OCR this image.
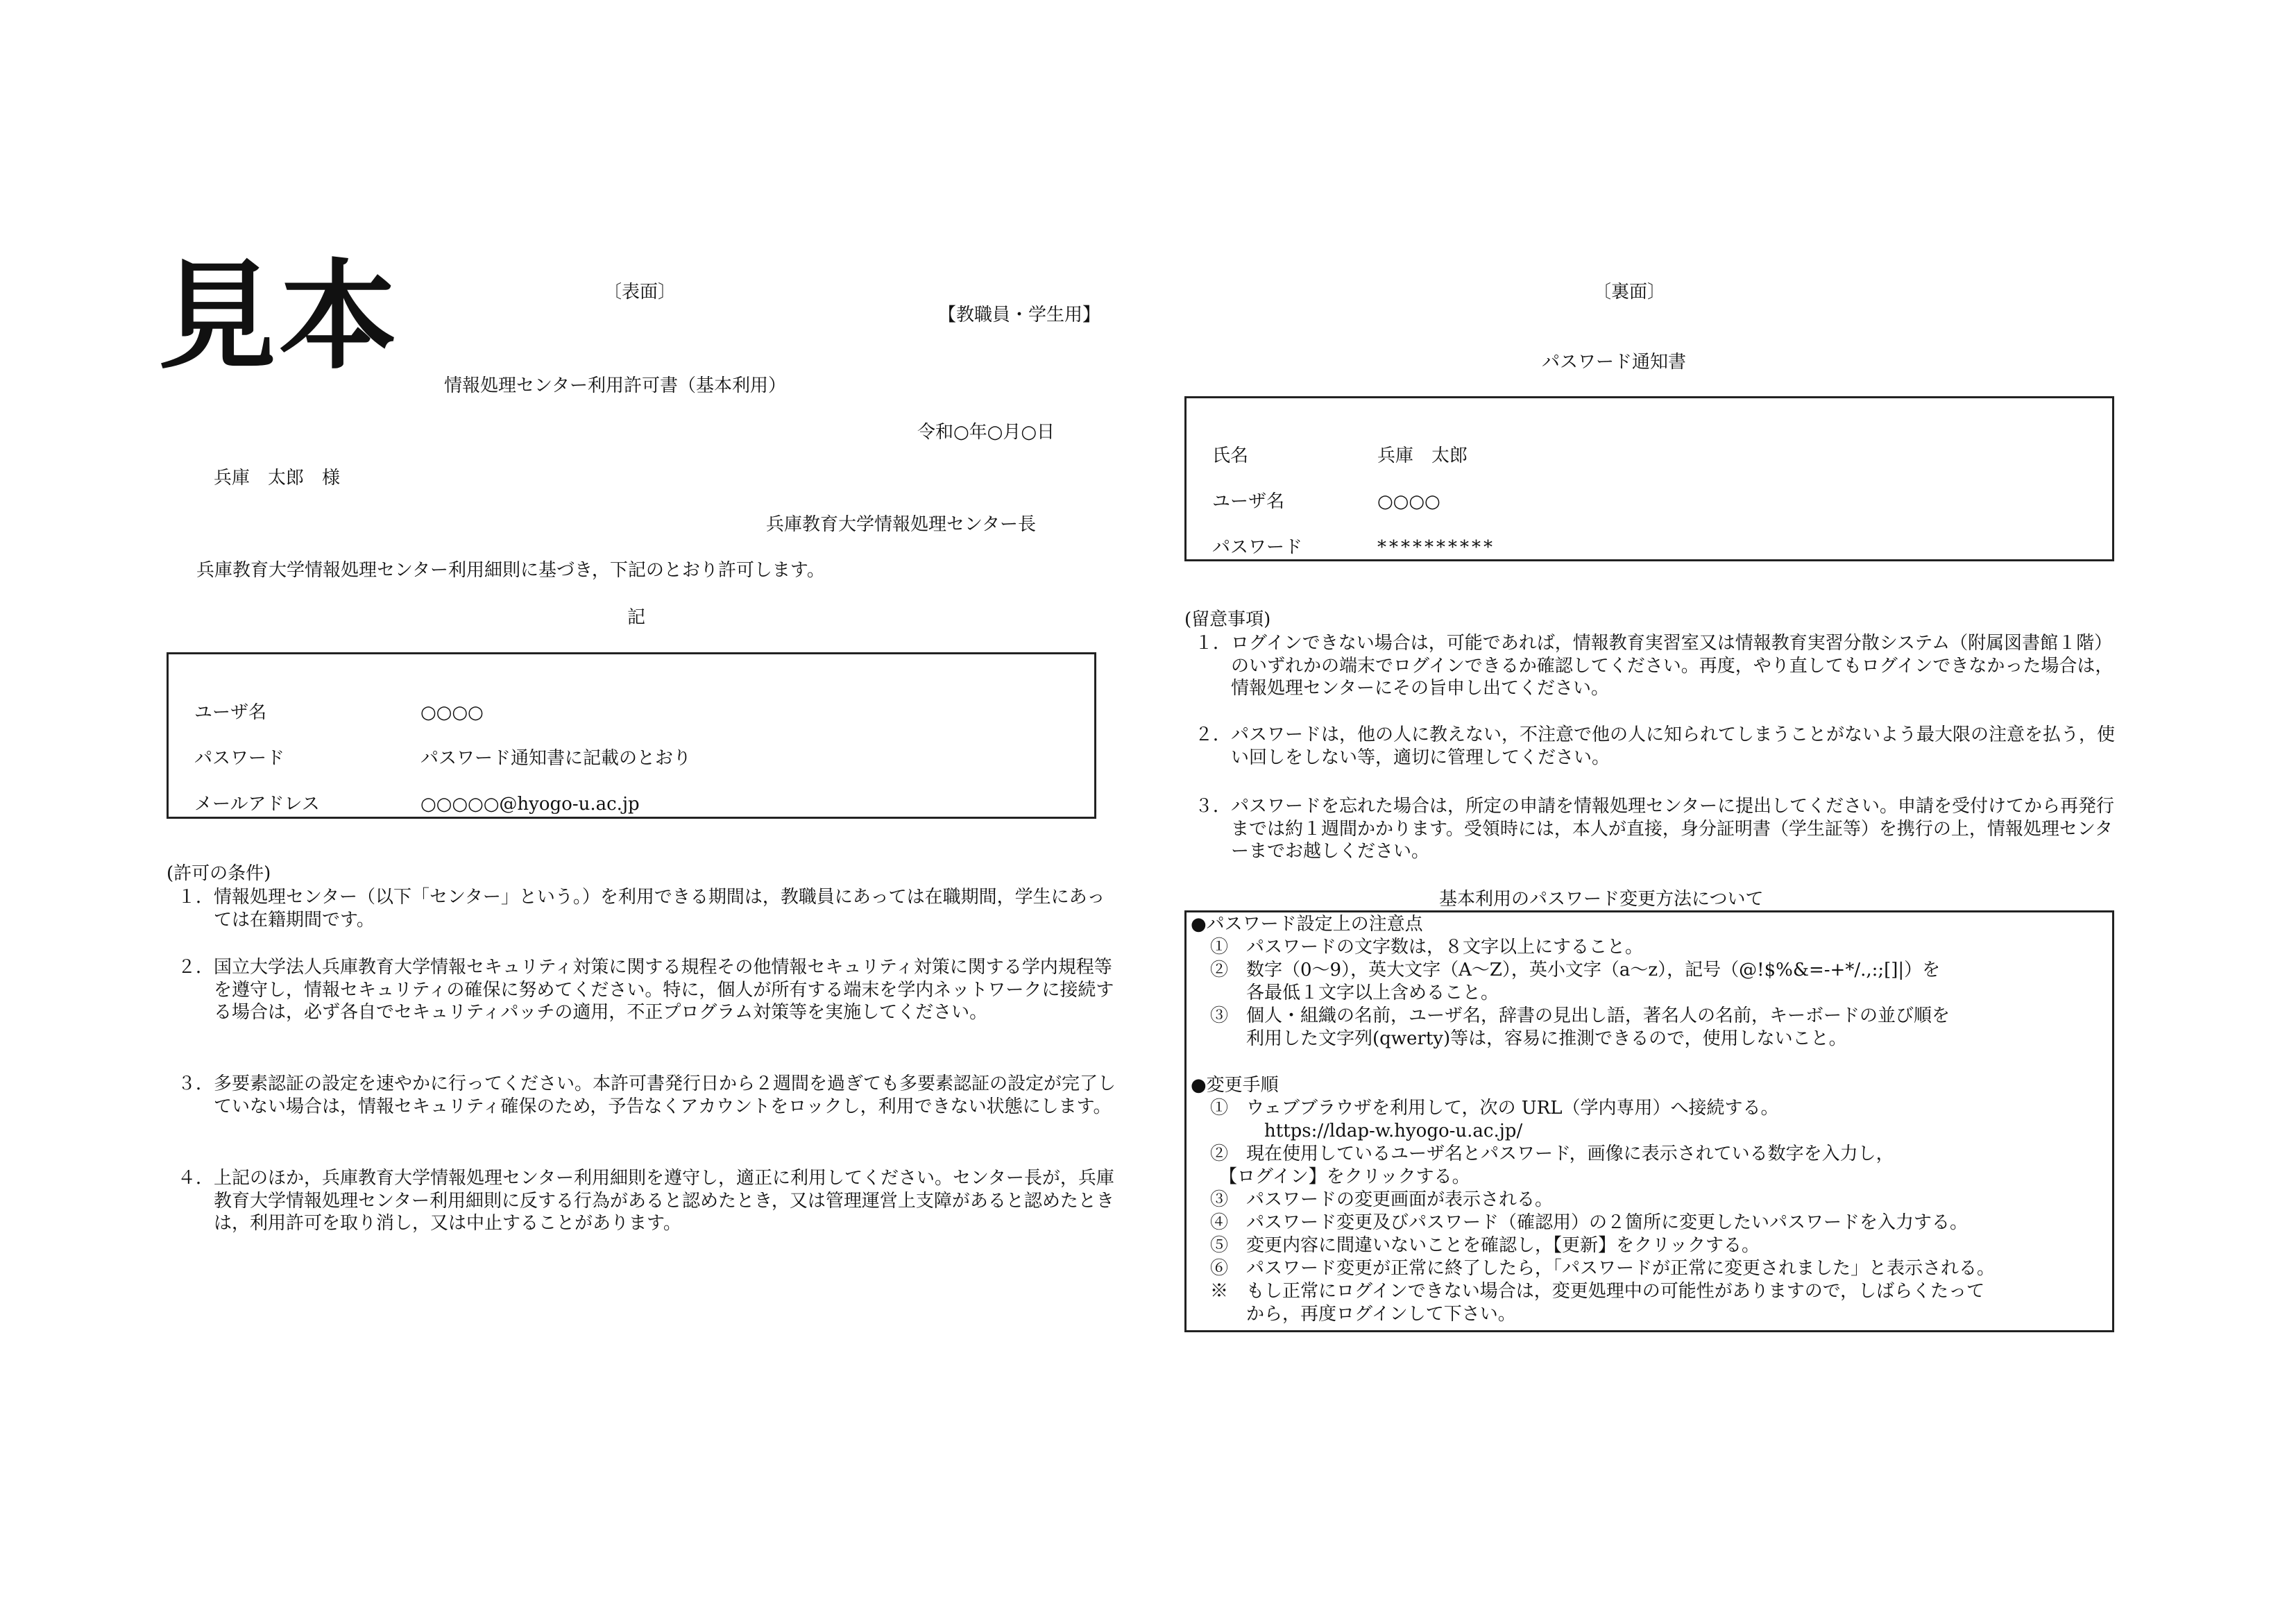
見本	〔表面〕
【教職員・学生用】
情報処理センター利用許可書（基本利用）
令和○年○月○日
兵庫　太郎　様
兵庫教育大学情報処理センター長
兵庫教育大学情報処理センター利用細則に基づき，下記のとおり許可します。
記
ユーザ名	○○○○
パスワード	パスワード通知書に記載のとおり
メールアドレス	○○○○○@hyogo-u.ac.jp
(許可の条件)
１． 情報処理センター（以下「センター」という。）を利用できる期間は，教職員にあっては在職期間，学生にあっては在籍期間です。
２． 国立大学法人兵庫教育大学情報セキュリティ対策に関する規程その他情報セキュリティ対策に関する学内規程等を遵守し，情報セキュリティの確保に努めてください。特に，個人が所有する端末を学内ネットワークに接続する場合は，必ず各自でセキュリティパッチの適用，不正プログラム対策等を実施してください。
３． 多要素認証の設定を速やかに行ってください。本許可書発行日から２週間を過ぎても多要素認証の設定が完了していない場合は，情報セキュリティ確保のため，予告なくアカウントをロックし，利用できない状態にします。
４． 上記のほか，兵庫教育大学情報処理センター利用細則を遵守し，適正に利用してください。センター長が，兵庫教育大学情報処理センター利用細則に反する行為があると認めたとき，又は管理運営上支障があると認めたときは，利用許可を取り消し，又は中止することがあります。
〔裏面〕
パスワード通知書
氏名	兵庫　太郎
ユーザ名	○○○○
パスワード	**********
(留意事項)
１． ログインできない場合は，可能であれば，情報教育実習室又は情報教育実習分散システム（附属図書館１階）のいずれかの端末でログインできるか確認してください。再度，やり直してもログインできなかった場合は，情報処理センターにその旨申し出てください。
２． パスワードは，他の人に教えない，不注意で他の人に知られてしまうことがないよう最大限の注意を払う，使い回しをしない等，適切に管理してください。
３． パスワードを忘れた場合は，所定の申請を情報処理センターに提出してください。申請を受付けてから再発行までは約１週間かかります。受領時には，本人が直接，身分証明書（学生証等）を携行の上，情報処理センターまでお越しください。
基本利用のパスワード変更方法について
●パスワード設定上の注意点
①　パスワードの文字数は，８文字以上にすること。
②　数字（0～9），英大文字（A～Z），英小文字（a～z），記号（@!$%&=-+*/.,:;[]|）を
　　各最低１文字以上含めること。
③　個人・組織の名前，ユーザ名，辞書の見出し語，著名人の名前，キーボードの並び順を
　　利用した文字列(qwerty)等は，容易に推測できるので，使用しないこと。
●変更手順
①　ウェブブラウザを利用して，次の URL（学内専用）へ接続する。
　　　https://ldap-w.hyogo-u.ac.jp/
②　現在使用しているユーザ名とパスワード，画像に表示されている数字を入力し，
　【ログイン】をクリックする。
③　パスワードの変更画面が表示される。
④　パスワード変更及びパスワード（確認用）の２箇所に変更したいパスワードを入力する。
⑤　変更内容に間違いないことを確認し，【更新】をクリックする。
⑥　パスワード変更が正常に終了したら，「パスワードが正常に変更されました」と表示される。
※　もし正常にログインできない場合は，変更処理中の可能性がありますので，しばらくたって
　　から，再度ログインして下さい。
